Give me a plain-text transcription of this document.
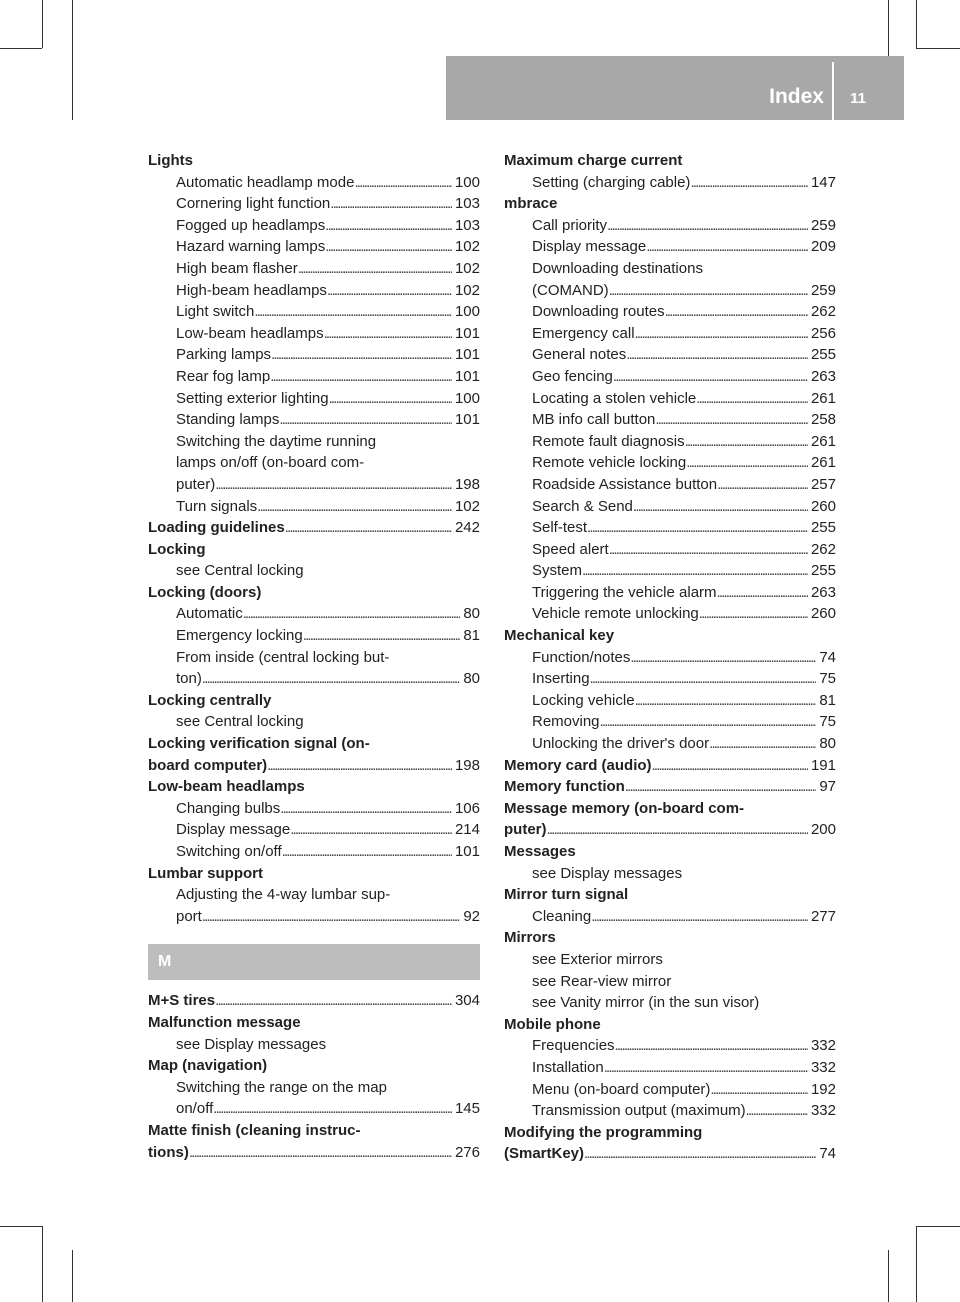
Index	11
Lights
Automatic headlamp mode . . .	100
Cornering light function . . .	103
Fogged up headlamps . . .	103
Hazard warning lamps . . .	102
High beam flasher . . .	102
High-beam headlamps . . .	102
Light switch . . .	100
Low-beam headlamps . . .	101
Parking lamps . . .	101
Rear fog lamp . . .	101
Setting exterior lighting . . .	100
Standing lamps . . .	101
Switching the daytime running
lamps on/off (on-board com-
puter) . . .	198
Turn signals . . .	102
Loading guidelines . . .	242
Locking
see Central locking
Locking (doors)
Automatic . . .	80
Emergency locking . . .	81
From inside (central locking but-
ton) . . .	80
Locking centrally
see Central locking
Locking verification signal (on-
board computer) . . .	198
Low-beam headlamps
Changing bulbs . . .	106
Display message . . .	214
Switching on/off . . .	101
Lumbar support
Adjusting the 4-way lumbar sup-
port . . .	92
M
M+S tires . . .	304
Malfunction message
see Display messages
Map (navigation)
Switching the range on the map
on/off . . .	145
Matte finish (cleaning instruc-
tions) . . .	276
Maximum charge current
Setting (charging cable) . . .	147
mbrace
Call priority . . .	259
Display message . . .	209
Downloading destinations
(COMAND) . . .	259
Downloading routes . . .	262
Emergency call . . .	256
General notes . . .	255
Geo fencing . . .	263
Locating a stolen vehicle . . .	261
MB info call button . . .	258
Remote fault diagnosis . . .	261
Remote vehicle locking . . .	261
Roadside Assistance button . . .	257
Search & Send . . .	260
Self-test . . .	255
Speed alert . . .	262
System . . .	255
Triggering the vehicle alarm . . .	263
Vehicle remote unlocking . . .	260
Mechanical key
Function/notes . . .	74
Inserting . . .	75
Locking vehicle . . .	81
Removing . . .	75
Unlocking the driver's door . . .	80
Memory card (audio) . . .	191
Memory function . . .	97
Message memory (on-board com-
puter) . . .	200
Messages
see Display messages
Mirror turn signal
Cleaning . . .	277
Mirrors
see Exterior mirrors
see Rear-view mirror
see Vanity mirror (in the sun visor)
Mobile phone
Frequencies . . .	332
Installation . . .	332
Menu (on-board computer) . . .	192
Transmission output (maximum) . . .	332
Modifying the programming
(SmartKey) . . .	74
